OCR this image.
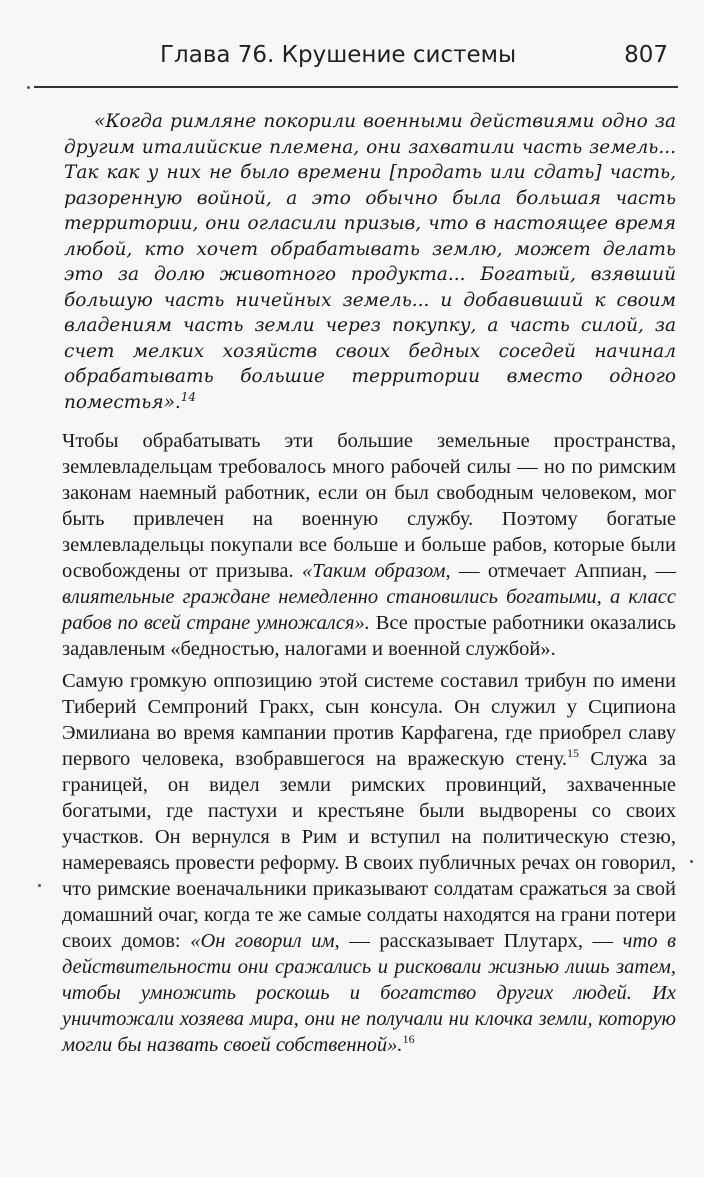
Глава 76. Крушение системы	807

«Когда римляне покорили военными действиями одно за другим италийские племена, они захватили часть земель... Так как у них не было времени [продать или сдать] часть, разоренную войной, а это обычно была большая часть территории, они огласили призыв, что в настоящее время любой, кто хочет обрабатывать землю, может делать это за долю животного продукта... Богатый, взявший большую часть ничейных земель... и добавивший к своим владениям часть земли через покупку, а часть силой, за счет мелких хозяйств своих бедных соседей начинал обрабатывать большие территории вместо одного поместья».$^{14}$

Чтобы обрабатывать эти большие земельные пространства, землевладельцам требовалось много рабочей силы — но по римским законам наемный работник, если он был свободным человеком, мог быть привлечен на военную службу. Поэтому богатые землевладельцы покупали все больше и больше рабов, которые были освобождены от призыва. «Таким образом, — отмечает Аппиан, — влиятельные граждане немедленно становились богатыми, а класс рабов по всей стране умножался». Все простые работники оказались задавленым «бедностью, налогами и военной службой».

Самую громкую оппозицию этой системе составил трибун по имени Тиберий Семпроний Гракх, сын консула. Он служил у Сципиона Эмилиана во время кампании против Карфагена, где приобрел славу первого человека, взобравшегося на вражескую стену.$^{15}$ Служа за границей, он видел земли римских провинций, захваченные богатыми, где пастухи и крестьяне были выдворены со своих участков. Он вернулся в Рим и вступил на политическую стезю, намереваясь провести реформу. В своих публичных речах он говорил, что римские военачальники приказывают солдатам сражаться за свой домашний очаг, когда те же самые солдаты находятся на грани потери своих домов: «Он говорил им, — рассказывает Плутарх, — что в действительности они сражались и рисковали жизнью лишь затем, чтобы умножить роскошь и богатство других людей. Их уничтожали хозяева мира, они не получали ни клочка земли, которую могли бы назвать своей собственной».$^{16}$
